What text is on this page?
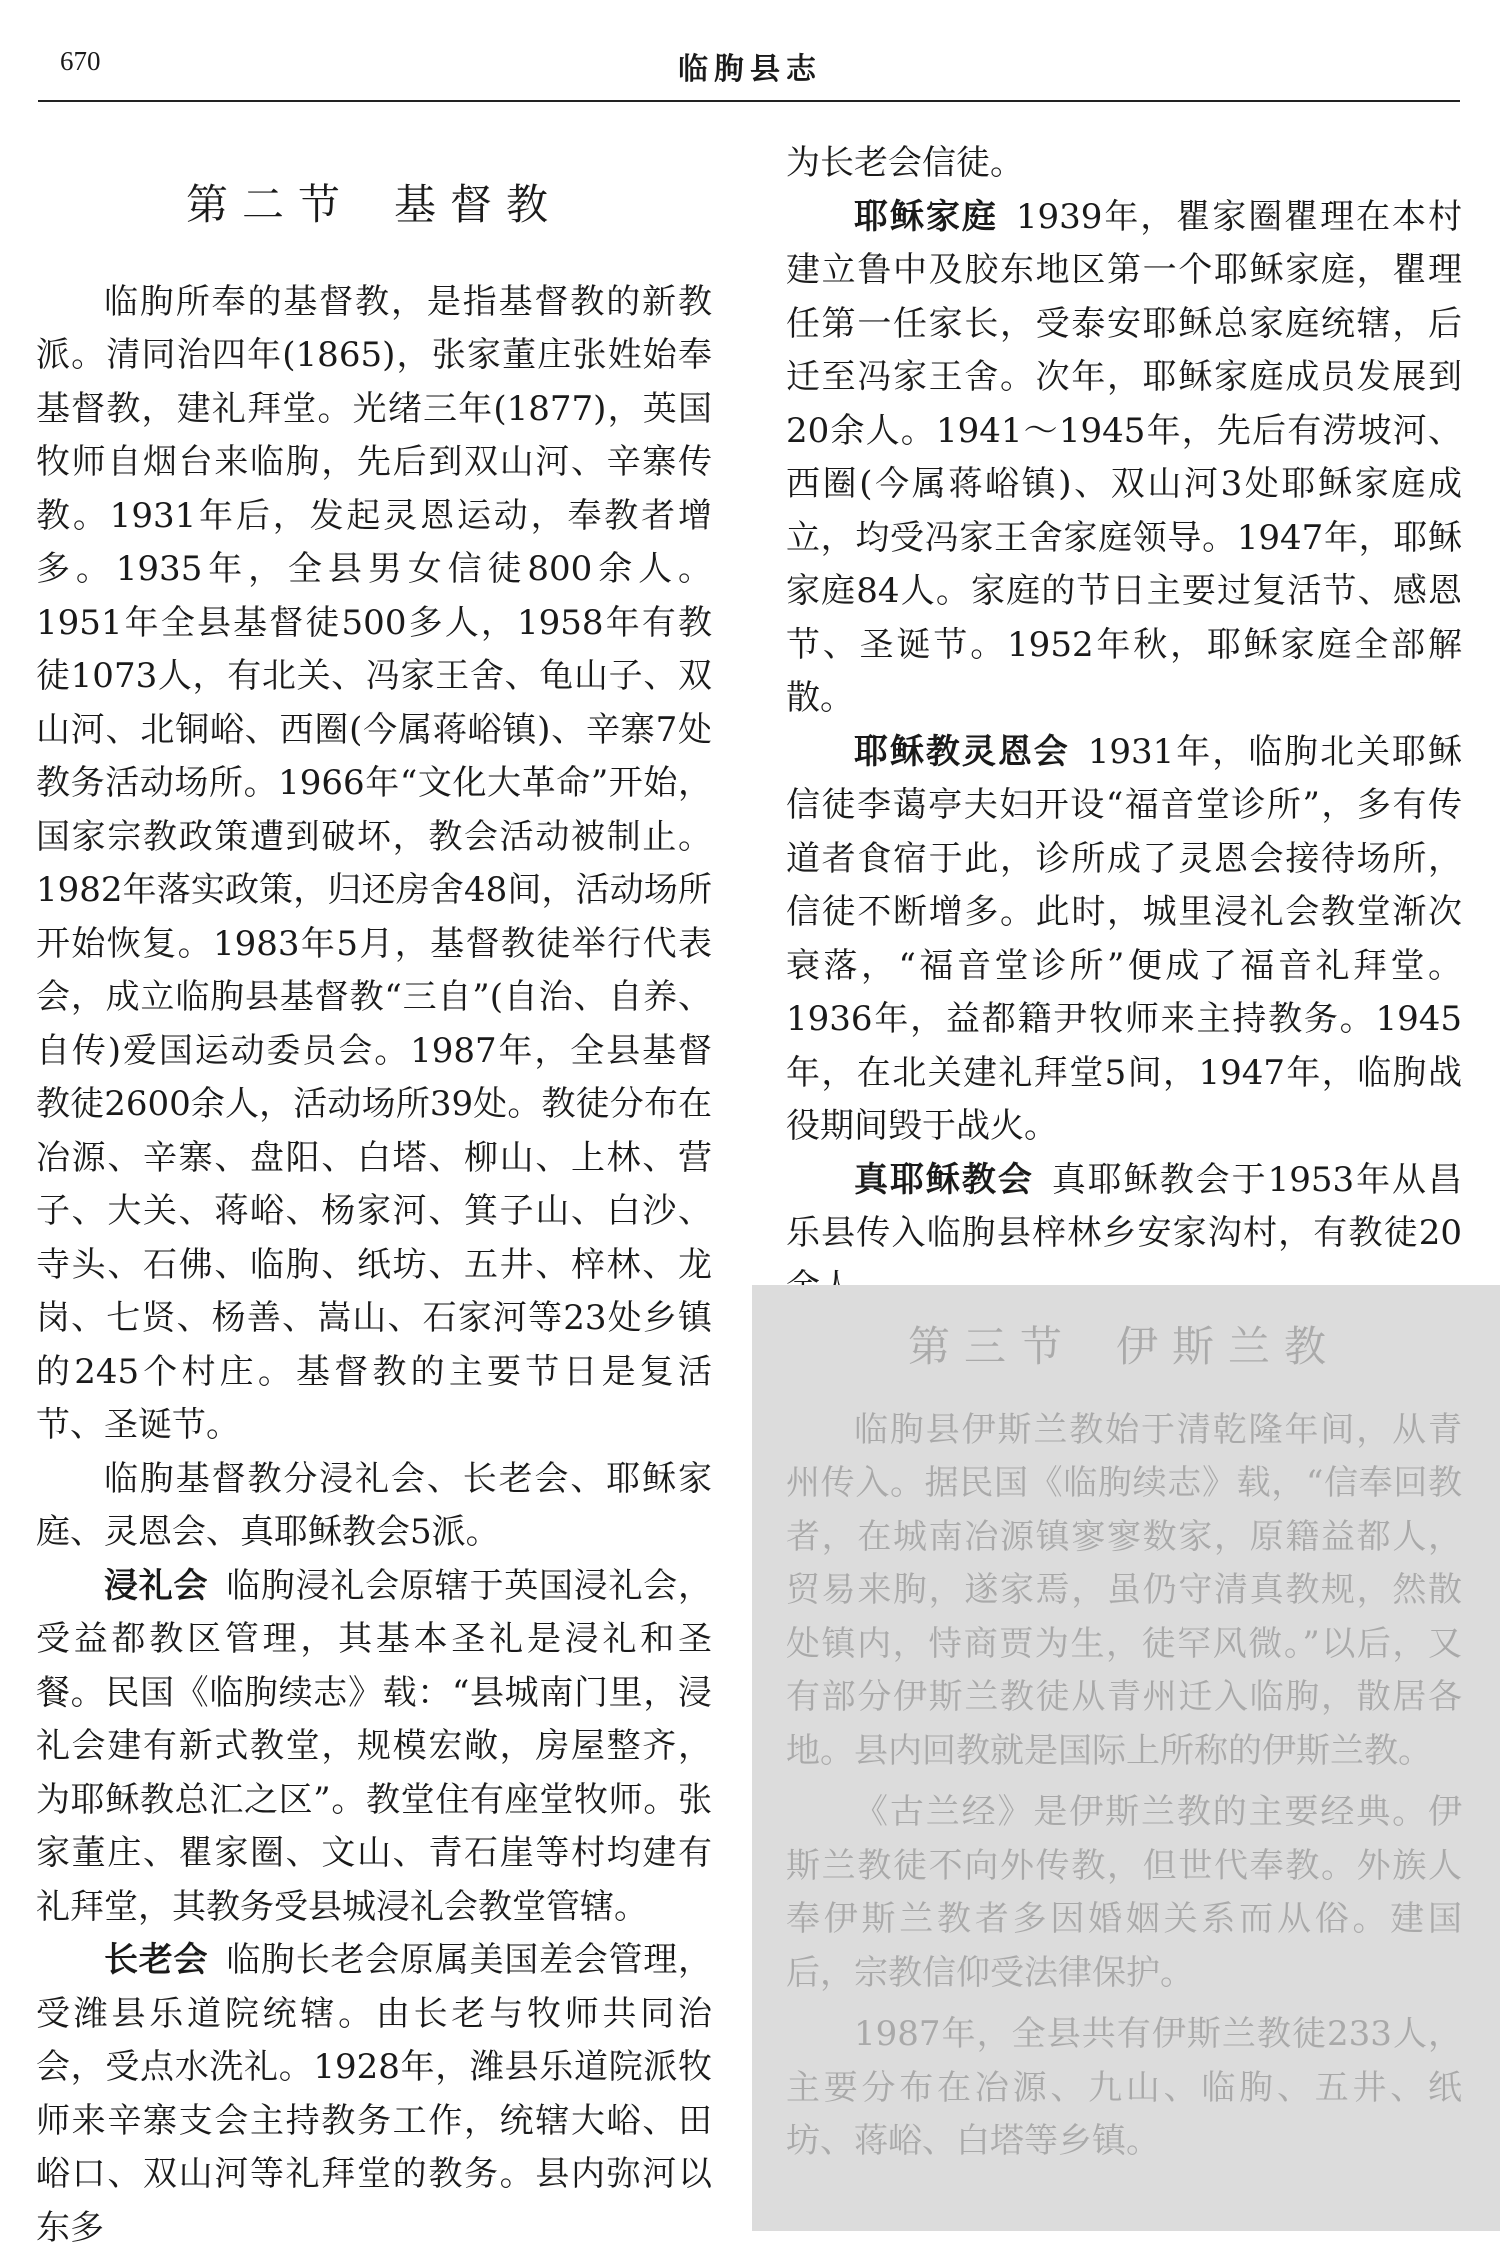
670	临朐县志
第二节 基督教

临朐所奉的基督教，是指基督教的新教派。清同治四年(1865)，张家董庄张姓始奉基督教，建礼拜堂。光绪三年(1877)，英国牧师自烟台来临朐，先后到双山河、辛寨传教。1931年后，发起灵恩运动，奉教者增多。1935年，全县男女信徒800余人。1951年全县基督徒500多人，1958年有教徒1073人，有北关、冯家王舍、龟山子、双山河、北铜峪、西圈(今属蒋峪镇)、辛寨7处教务活动场所。1966年“文化大革命”开始，国家宗教政策遭到破坏，教会活动被制止。1982年落实政策，归还房舍48间，活动场所开始恢复。1983年5月，基督教徒举行代表会，成立临朐县基督教“三自”(自治、自养、自传)爱国运动委员会。1987年，全县基督教徒2600余人，活动场所39处。教徒分布在冶源、辛寨、盘阳、白塔、柳山、上林、营子、大关、蒋峪、杨家河、箕子山、白沙、寺头、石佛、临朐、纸坊、五井、梓林、龙岗、七贤、杨善、嵩山、石家河等23处乡镇的245个村庄。基督教的主要节日是复活节、圣诞节。

临朐基督教分浸礼会、长老会、耶稣家庭、灵恩会、真耶稣教会5派。

浸礼会 临朐浸礼会原辖于英国浸礼会，受益都教区管理，其基本圣礼是浸礼和圣餐。民国《临朐续志》载：“县城南门里，浸礼会建有新式教堂，规模宏敞，房屋整齐，为耶稣教总汇之区”。教堂住有座堂牧师。张家董庄、瞿家圈、文山、青石崖等村均建有礼拜堂，其教务受县城浸礼会教堂管辖。

长老会 临朐长老会原属美国差会管理，受潍县乐道院统辖。由长老与牧师共同治会，受点水洗礼。1928年，潍县乐道院派牧师来辛寨支会主持教务工作，统辖大峪、田峪口、双山河等礼拜堂的教务。县内弥河以东多

为长老会信徒。

耶稣家庭 1939年，瞿家圈瞿理在本村建立鲁中及胶东地区第一个耶稣家庭，瞿理任第一任家长，受泰安耶稣总家庭统辖，后迁至冯家王舍。次年，耶稣家庭成员发展到20余人。1941～1945年，先后有涝坡河、西圈(今属蒋峪镇)、双山河3处耶稣家庭成立，均受冯家王舍家庭领导。1947年，耶稣家庭84人。家庭的节日主要过复活节、感恩节、圣诞节。1952年秋，耶稣家庭全部解散。

耶稣教灵恩会 1931年，临朐北关耶稣信徒李蔼亭夫妇开设“福音堂诊所”，多有传道者食宿于此，诊所成了灵恩会接待场所，信徒不断增多。此时，城里浸礼会教堂渐次衰落，“福音堂诊所”便成了福音礼拜堂。1936年，益都籍尹牧师来主持教务。1945年，在北关建礼拜堂5间，1947年，临朐战役期间毁于战火。

真耶稣教会 真耶稣教会于1953年从昌乐县传入临朐县梓林乡安家沟村，有教徒20

第三节 伊斯兰教

临朐县伊斯兰教始于清乾隆年间，从青州传入。据民国《临朐续志》载，“信奉回教者，在城南冶源镇寥寥数家，原籍益都人，贸易来朐，遂家焉，虽仍守清真教规，然散处镇内，恃商贾为生，徒罕风微。”以后，又有部分伊斯兰教徒从青州迁入临朐，散居各地。县内回教就是国际上所称的伊斯兰教。

《古兰经》是伊斯兰教的主要经典。伊斯兰教徒不向外传教，但世代奉教。外族人奉伊斯兰教者多因婚姻关系而从俗。建国后，宗教信仰受法律保护。

1987年，全县共有伊斯兰教徒233人，主要分布在冶源、九山、临朐、五井、纸坊、蒋峪、白塔等乡镇。
